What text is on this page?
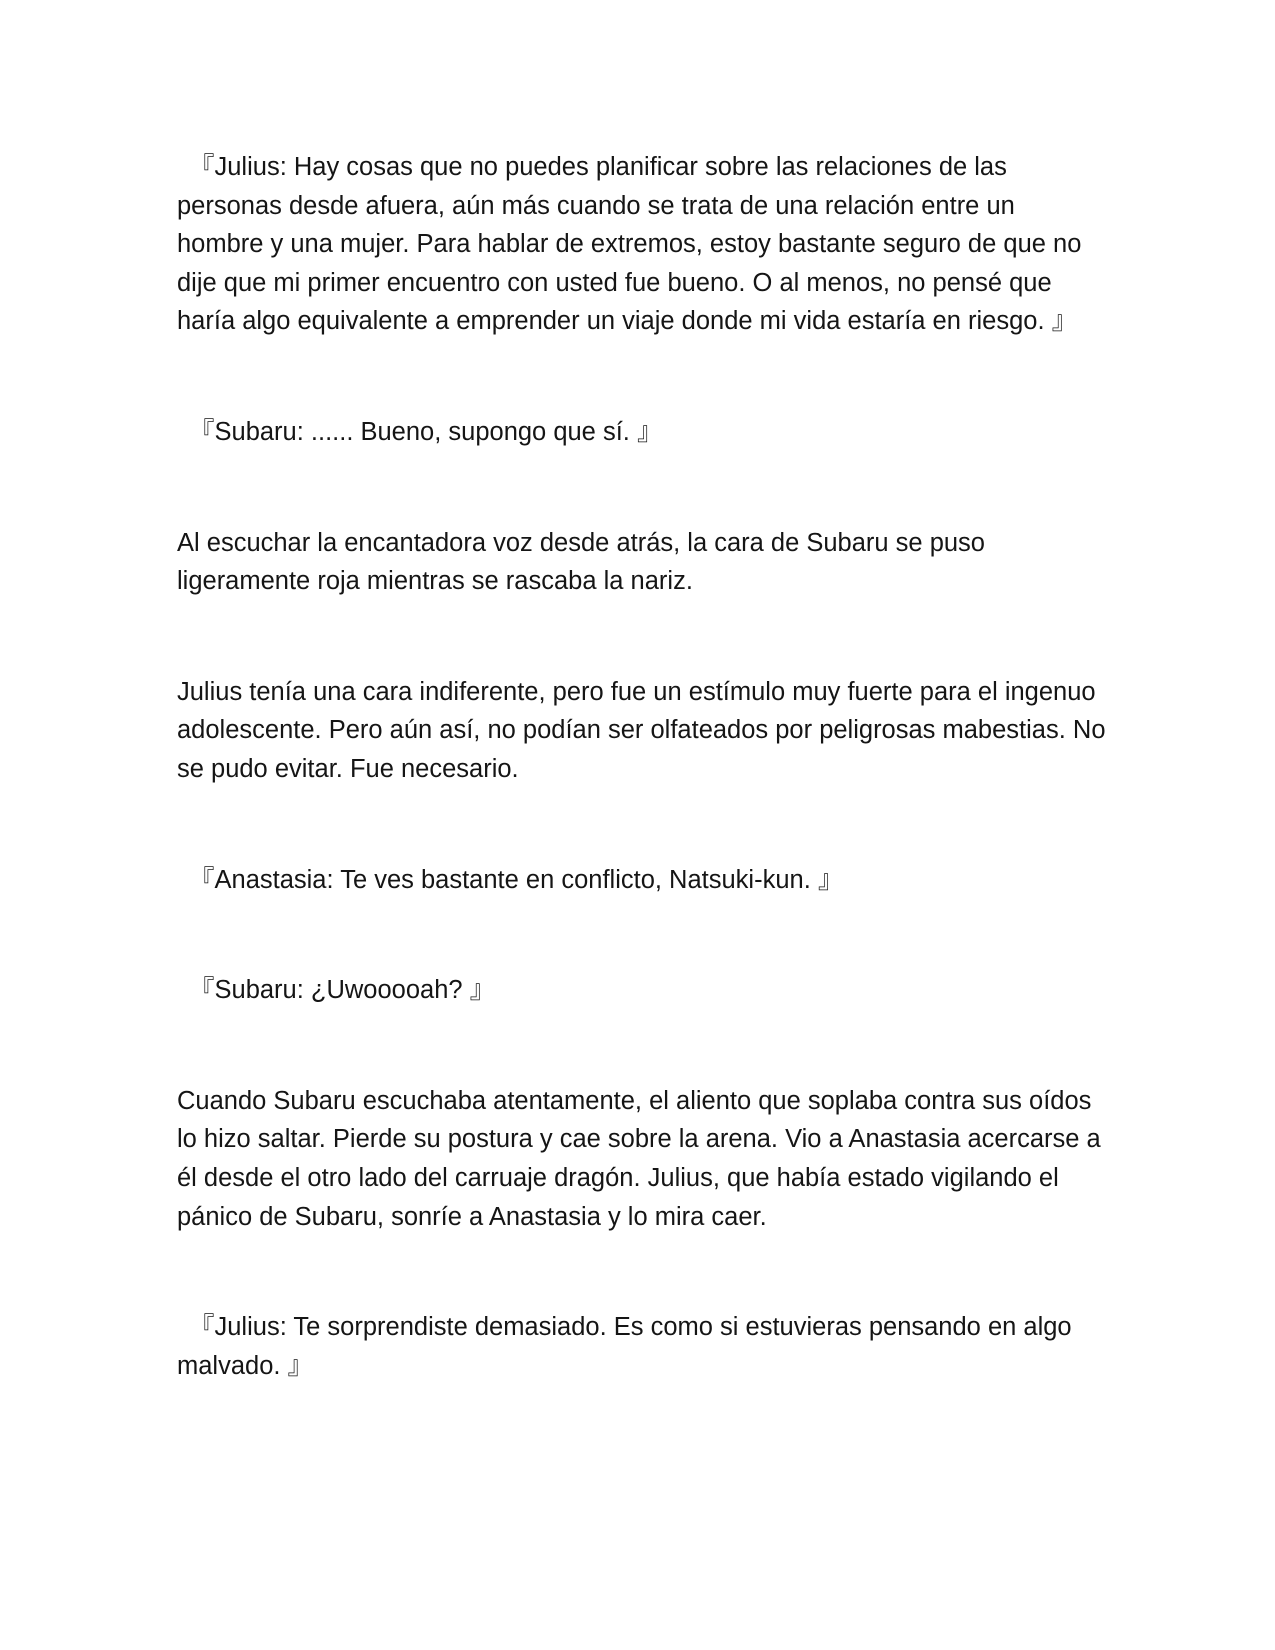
『Julius: Hay cosas que no puedes planificar sobre las relaciones de las personas desde afuera, aún más cuando se trata de una relación entre un hombre y una mujer. Para hablar de extremos, estoy bastante seguro de que no dije que mi primer encuentro con usted fue bueno. O al menos, no pensé que haría algo equivalente a emprender un viaje donde mi vida estaría en riesgo. 』

『Subaru: ...... Bueno, supongo que sí. 』

Al escuchar la encantadora voz desde atrás, la cara de Subaru se puso ligeramente roja mientras se rascaba la nariz.

Julius tenía una cara indiferente, pero fue un estímulo muy fuerte para el ingenuo adolescente. Pero aún así, no podían ser olfateados por peligrosas mabestias. No se pudo evitar. Fue necesario.

『Anastasia: Te ves bastante en conflicto, Natsuki-kun. 』

『Subaru: ¿Uwooooah? 』

Cuando Subaru escuchaba atentamente, el aliento que soplaba contra sus oídos lo hizo saltar. Pierde su postura y cae sobre la arena. Vio a Anastasia acercarse a él desde el otro lado del carruaje dragón. Julius, que había estado vigilando el pánico de Subaru, sonríe a Anastasia y lo mira caer.

『Julius: Te sorprendiste demasiado. Es como si estuvieras pensando en algo malvado. 』
